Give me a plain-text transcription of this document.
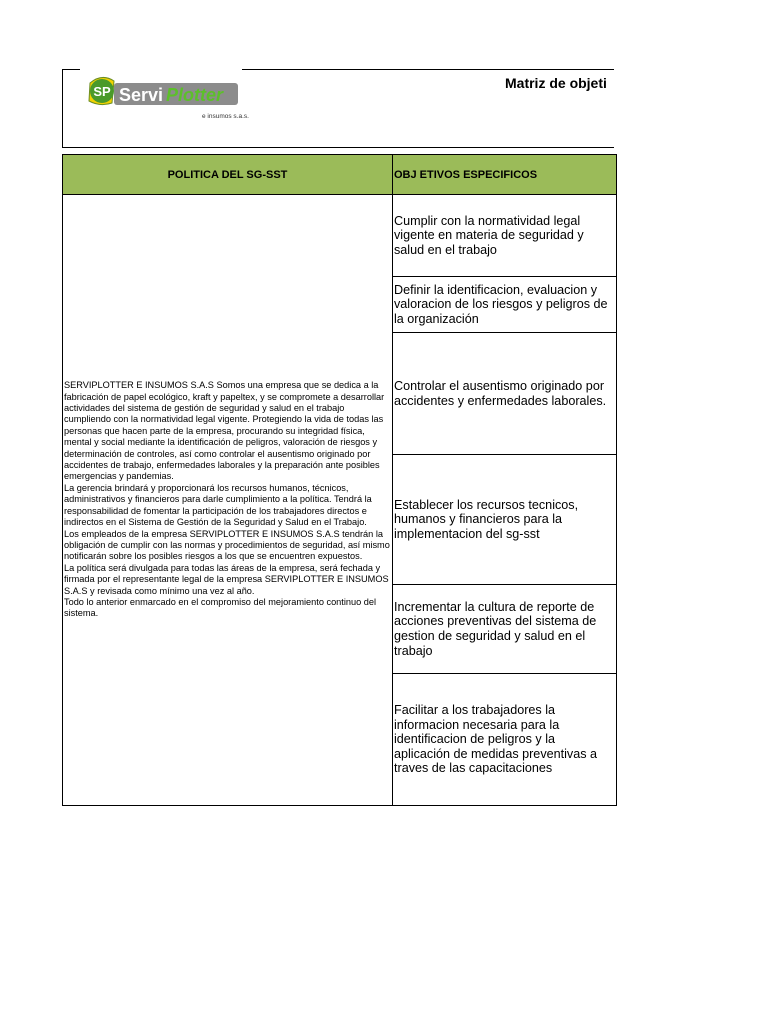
SP Servi Plotter
e insumos s.a.s.
Matriz de objeti
POLITICA DEL SG-SST	OBJ ETIVOS ESPECIFICOS

SERVIPLOTTER E INSUMOS S.A.S Somos una empresa que se dedica a la fabricación de papel ecológico, kraft y papeltex, y se compromete a desarrollar actividades del sistema de gestión de seguridad y salud en el trabajo cumpliendo con la normatividad legal vigente. Protegiendo la vida de todas las personas que hacen parte de la empresa, procurando su integridad física, mental y social mediante la identificación de peligros, valoración de riesgos y determinación de controles, así como controlar el ausentismo originado por accidentes de trabajo, enfermedades laborales y la preparación ante posibles emergencias y pandemias.
La gerencia brindará y proporcionará los recursos humanos, técnicos, administrativos y financieros para darle cumplimiento a la política. Tendrá la responsabilidad de fomentar la participación de los trabajadores directos e indirectos en el Sistema de Gestión de la Seguridad y Salud en el Trabajo.
Los empleados de la empresa SERVIPLOTTER E INSUMOS S.A.S tendrán la obligación de cumplir con las normas y procedimientos de seguridad, así mismo notificarán sobre los posibles riesgos a los que se encuentren expuestos.
La política será divulgada para todas las áreas de la empresa, será fechada y firmada por el representante legal de la empresa SERVIPLOTTER E INSUMOS S.A.S y revisada como mínimo una vez al año.
Todo lo anterior enmarcado en el compromiso del mejoramiento continuo del sistema.	Cumplir con la normatividad legal vigente en materia de seguridad y salud en el trabajo
	Definir la identificacion, evaluacion y valoracion de los riesgos y peligros de la organización
	Controlar el ausentismo originado por accidentes y enfermedades laborales.
	Establecer los recursos tecnicos, humanos y financieros para la implementacion del sg-sst
	Incrementar la cultura de reporte de acciones preventivas del sistema de gestion de seguridad y salud en el trabajo
	Facilitar a los trabajadores la informacion necesaria para la identificacion de peligros y la aplicación de medidas preventivas a traves de las capacitaciones
